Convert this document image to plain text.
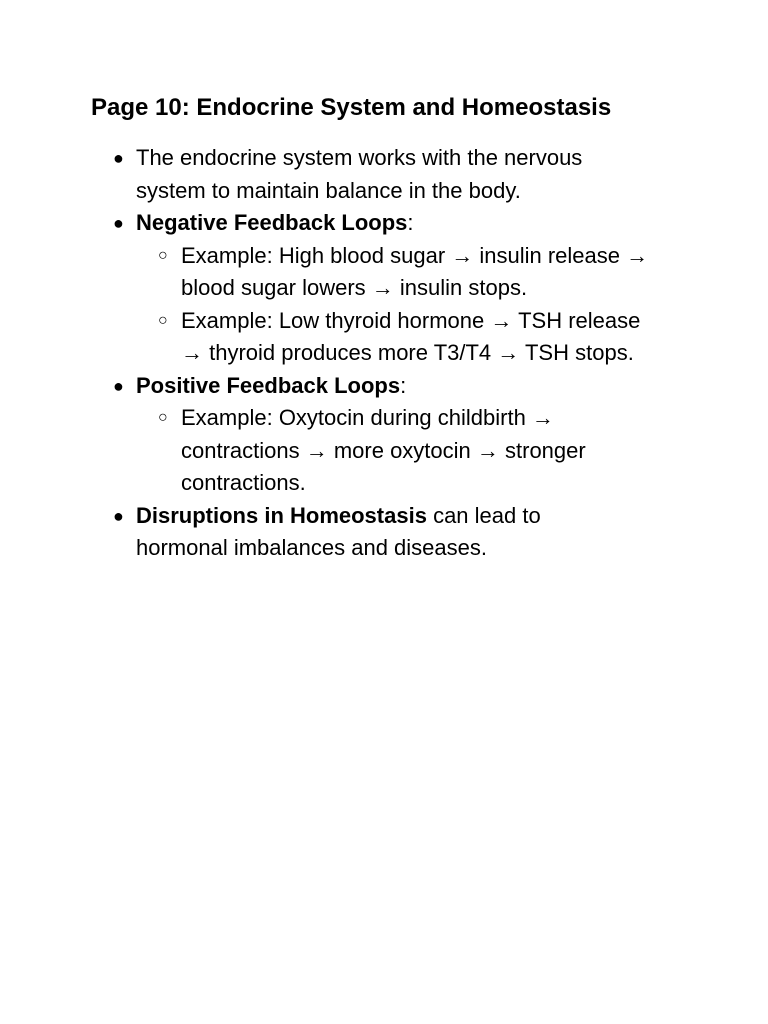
Page 10: Endocrine System and Homeostasis
● The endocrine system works with the nervous system to maintain balance in the body.
● Negative Feedback Loops:
○ Example: High blood sugar → insulin release → blood sugar lowers → insulin stops.
○ Example: Low thyroid hormone → TSH release → thyroid produces more T3/T4 → TSH stops.
● Positive Feedback Loops:
○ Example: Oxytocin during childbirth → contractions → more oxytocin → stronger contractions.
● Disruptions in Homeostasis can lead to hormonal imbalances and diseases.
